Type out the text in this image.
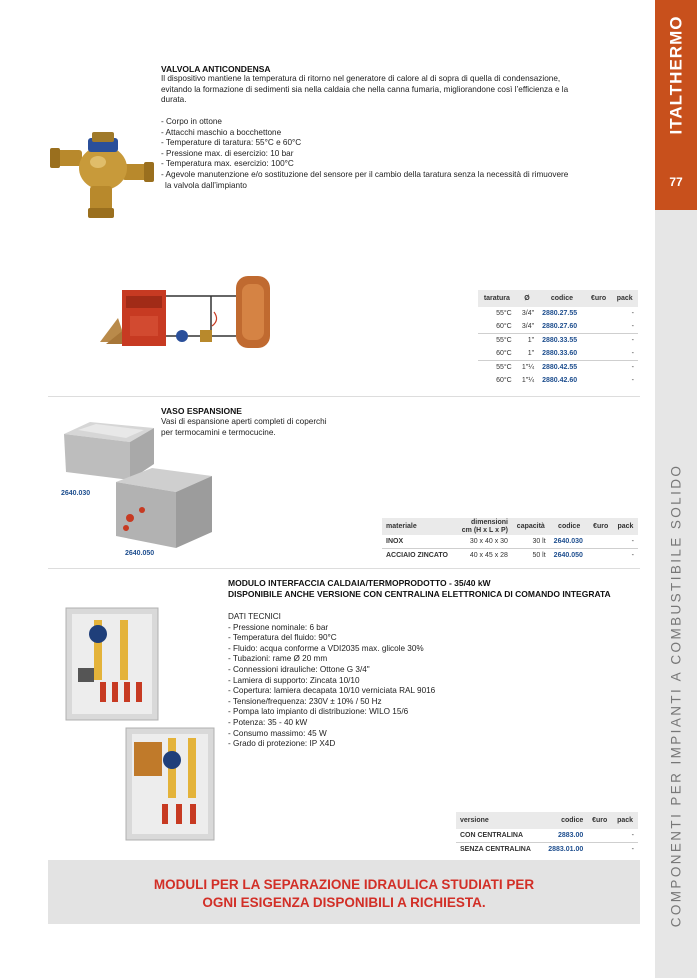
ITALTHERMO
77
COMPONENTI PER IMPIANTI A COMBUSTIBILE SOLIDO
VALVOLA ANTICONDENSA
Il dispositivo mantiene la temperatura di ritorno nel generatore di calore al di sopra di quella di condensazione,
evitando la formazione di sedimenti sia nella caldaia che nella canna fumaria, migliorandone così l’efficienza e la
durata.
- Corpo in ottone
- Attacchi maschio a bocchettone
- Temperature di taratura: 55°C e 60°C
- Pressione max. di esercizio: 10 bar
- Temperatura max. esercizio: 100°C
- Agevole manutenzione e/o sostituzione del sensore per il cambio della taratura senza la necessità di rimuovere
la valvola dall’impianto
taratura	Ø	codice	€uro	pack
55°C	3/4"	2880.27.55		-
60°C	3/4"	2880.27.60		-
55°C	1"	2880.33.55		-
60°C	1"	2880.33.60		-
55°C	1"¼	2880.42.55		-
60°C	1"¼	2880.42.60		-
2640.030
2640.050
VASO ESPANSIONE
Vasi di espansione aperti completi di coperchi
per termocamini e termocucine.
materiale	dimensioni
cm (H x L x P)	capacità	codice	€uro	pack
INOX	30 x 40 x 30	30 lt	2640.030		-
ACCIAIO ZINCATO	40 x 45 x 28	50 lt	2640.050		-
MODULO INTERFACCIA CALDAIA/TERMOPRODOTTO - 35/40 kW
DISPONIBILE ANCHE VERSIONE CON CENTRALINA ELETTRONICA DI COMANDO INTEGRATA
DATI TECNICI
- Pressione nominale: 6 bar
- Temperatura del fluido: 90°C
- Fluido: acqua conforme a VDI2035 max. glicole 30%
- Tubazioni: rame Ø 20 mm
- Connessioni idrauliche: Ottone G 3/4"
- Lamiera di supporto: Zincata 10/10
- Copertura: lamiera decapata 10/10 verniciata RAL 9016
- Tensione/frequenza: 230V ± 10% / 50 Hz
- Pompa lato impianto di distribuzione: WILO 15/6
- Potenza: 35 - 40 kW
- Consumo massimo: 45 W
- Grado di protezione: IP X4D
versione	codice	€uro	pack
CON CENTRALINA	2883.00		-
SENZA CENTRALINA	2883.01.00		-
MODULI PER LA SEPARAZIONE IDRAULICA STUDIATI PER
OGNI ESIGENZA DISPONIBILI A RICHIESTA.
